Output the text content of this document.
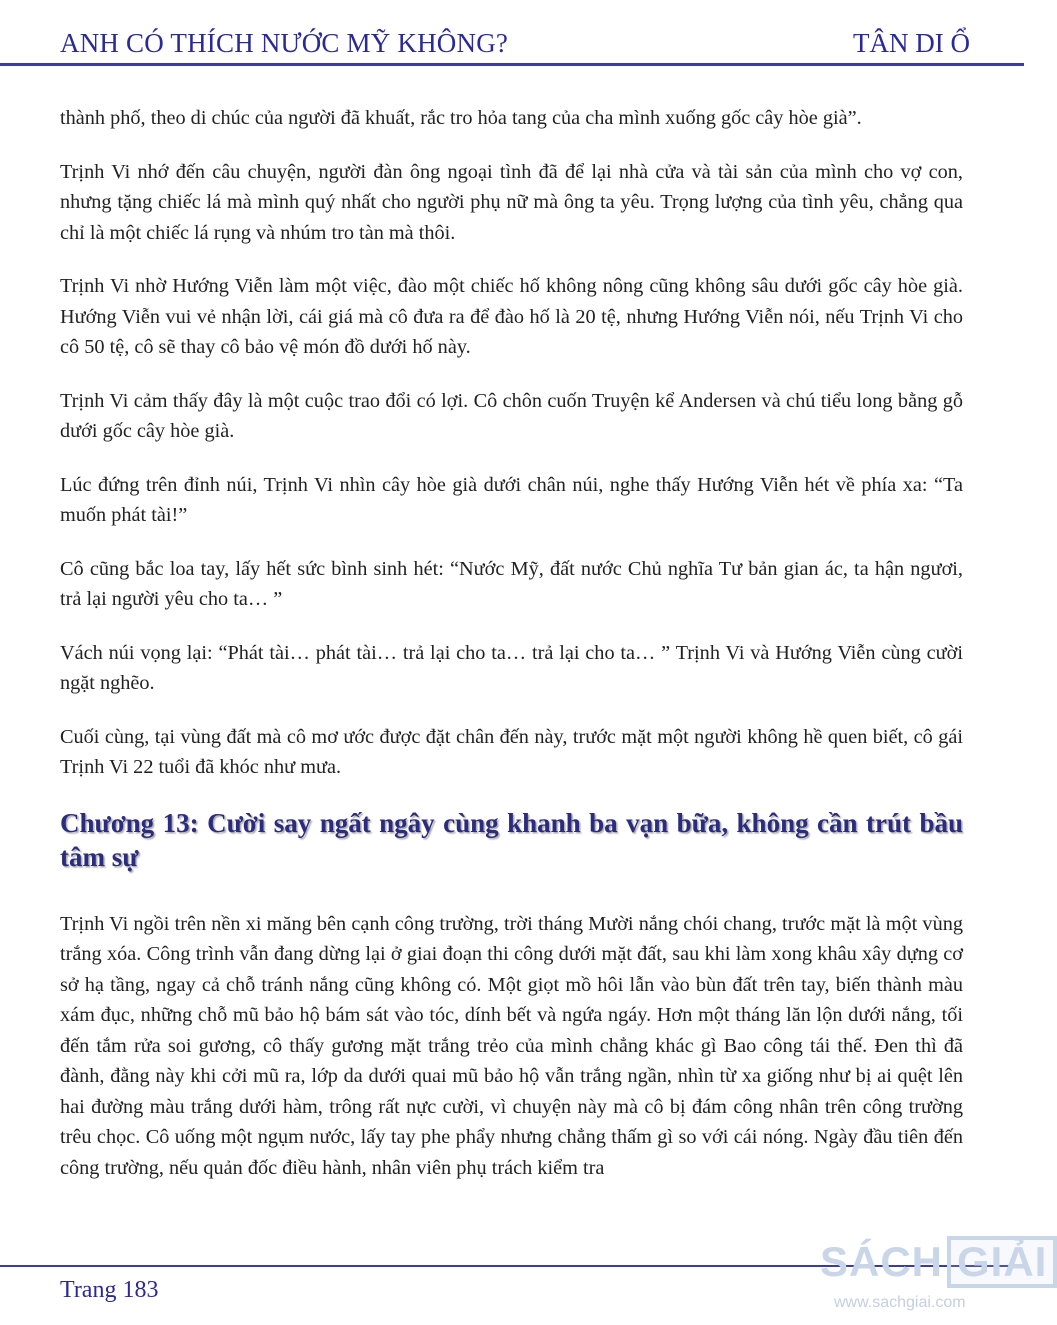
ANH CÓ THÍCH NƯỚC MỸ KHÔNG?	TÂN DI Ổ

thành phố, theo di chúc của người đã khuất, rắc tro hỏa tang của cha mình xuống gốc cây hòe già”.

Trịnh Vi nhớ đến câu chuyện, người đàn ông ngoại tình đã để lại nhà cửa và tài sản của mình cho vợ con, nhưng tặng chiếc lá mà mình quý nhất cho người phụ nữ mà ông ta yêu. Trọng lượng của tình yêu, chẳng qua chỉ là một chiếc lá rụng và nhúm tro tàn mà thôi.

Trịnh Vi nhờ Hướng Viễn làm một việc, đào một chiếc hố không nông cũng không sâu dưới gốc cây hòe già. Hướng Viễn vui vẻ nhận lời, cái giá mà cô đưa ra để đào hố là 20 tệ, nhưng Hướng Viễn nói, nếu Trịnh Vi cho cô 50 tệ, cô sẽ thay cô bảo vệ món đồ dưới hố này.

Trịnh Vi cảm thấy đây là một cuộc trao đổi có lợi. Cô chôn cuốn Truyện kể Andersen và chú tiểu long bằng gỗ dưới gốc cây hòe già.

Lúc đứng trên đỉnh núi, Trịnh Vi nhìn cây hòe già dưới chân núi, nghe thấy Hướng Viễn hét về phía xa: “Ta muốn phát tài!”

Cô cũng bắc loa tay, lấy hết sức bình sinh hét: “Nước Mỹ, đất nước Chủ nghĩa Tư bản gian ác, ta hận ngươi, trả lại người yêu cho ta… ”

Vách núi vọng lại: “Phát tài… phát tài… trả lại cho ta… trả lại cho ta… ” Trịnh Vi và Hướng Viễn cùng cười ngặt nghẽo.

Cuối cùng, tại vùng đất mà cô mơ ước được đặt chân đến này, trước mặt một người không hề quen biết, cô gái Trịnh Vi 22 tuổi đã khóc như mưa.

Chương 13: Cười say ngất ngây cùng khanh ba vạn bữa, không cần trút bầu tâm sự

Trịnh Vi ngồi trên nền xi măng bên cạnh công trường, trời tháng Mười nắng chói chang, trước mặt là một vùng trắng xóa. Công trình vẫn đang dừng lại ở giai đoạn thi công dưới mặt đất, sau khi làm xong khâu xây dựng cơ sở hạ tầng, ngay cả chỗ tránh nắng cũng không có. Một giọt mồ hôi lẫn vào bùn đất trên tay, biến thành màu xám đục, những chỗ mũ bảo hộ bám sát vào tóc, dính bết và ngứa ngáy. Hơn một tháng lăn lộn dưới nắng, tối đến tắm rửa soi gương, cô thấy gương mặt trắng trẻo của mình chẳng khác gì Bao công tái thế. Đen thì đã đành, đằng này khi cởi mũ ra, lớp da dưới quai mũ bảo hộ vẫn trắng ngần, nhìn từ xa giống như bị ai quệt lên hai đường màu trắng dưới hàm, trông rất nực cười, vì chuyện này mà cô bị đám công nhân trên công trường trêu chọc. Cô uống một ngụm nước, lấy tay phe phẩy nhưng chẳng thấm gì so với cái nóng. Ngày đầu tiên đến công trường, nếu quản đốc điều hành, nhân viên phụ trách kiểm tra

Trang 183
SÁCH GIẢI
www.sachgiai.com
